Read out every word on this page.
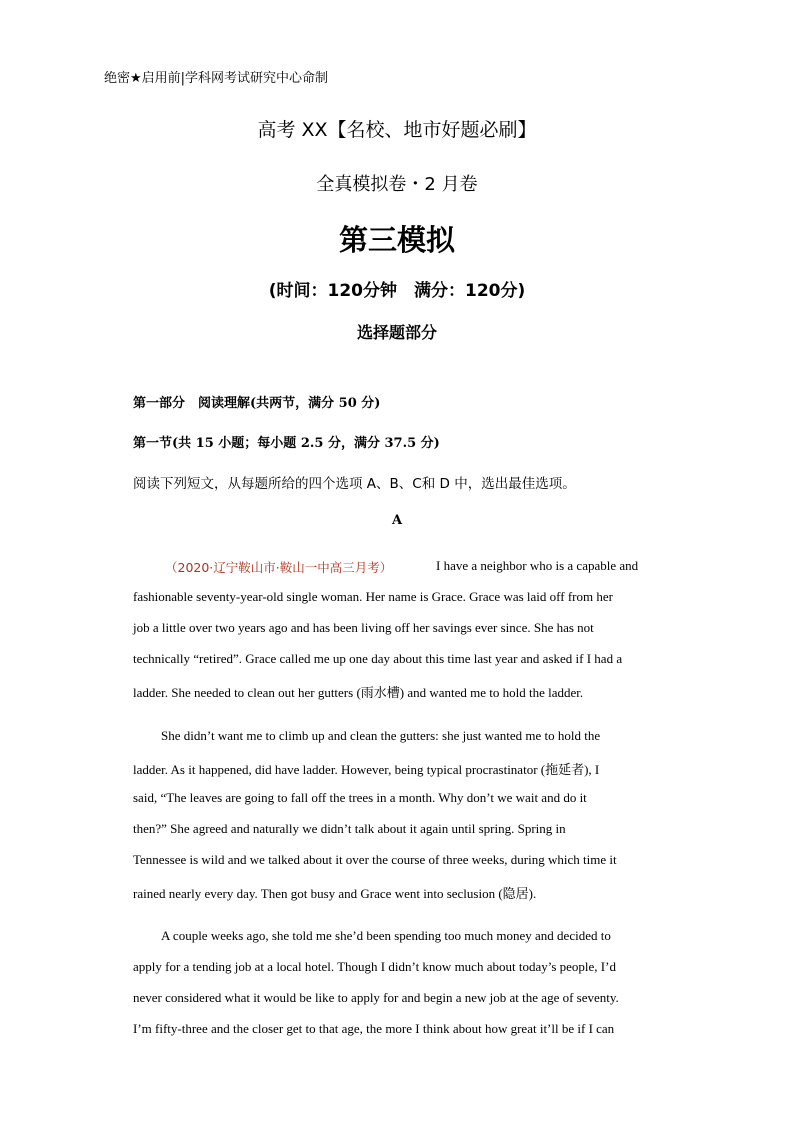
绝密★启用前|学科网考试研究中心命制
高考 XX【名校、地市好题必刷】
全真模拟卷・2 月卷
第三模拟
(时间：120分钟　满分：120分)
选择题部分
第一部分　阅读理解(共两节，满分 50 分)
第一节(共 15 小题；每小题 2.5 分，满分 37.5 分)
阅读下列短文，从每题所给的四个选项 A、B、C和 D 中，选出最佳选项。
A
（2020·辽宁鞍山市·鞍山一中高三月考）	I have a neighbor who is a capable and
fashionable seventy-year-old single woman. Her name is Grace. Grace was laid off from her
job a little over two years ago and has been living off her savings ever since. She has not
technically “retired”. Grace called me up one day about this time last year and asked if I had a
ladder. She needed to clean out her gutters (雨水槽) and wanted me to hold the ladder.
She didn’t want me to climb up and clean the gutters: she just wanted me to hold the
ladder. As it happened, did have ladder. However, being typical procrastinator (拖延者), I
said, “The leaves are going to fall off the trees in a month. Why don’t we wait and do it
then?” She agreed and naturally we didn’t talk about it again until spring. Spring in
Tennessee is wild and we talked about it over the course of three weeks, during which time it
rained nearly every day. Then got busy and Grace went into seclusion (隐居).
A couple weeks ago, she told me she’d been spending too much money and decided to
apply for a tending job at a local hotel. Though I didn’t know much about today’s people, I’d
never considered what it would be like to apply for and begin a new job at the age of seventy.
I’m fifty-three and the closer get to that age, the more I think about how great it’ll be if I can
